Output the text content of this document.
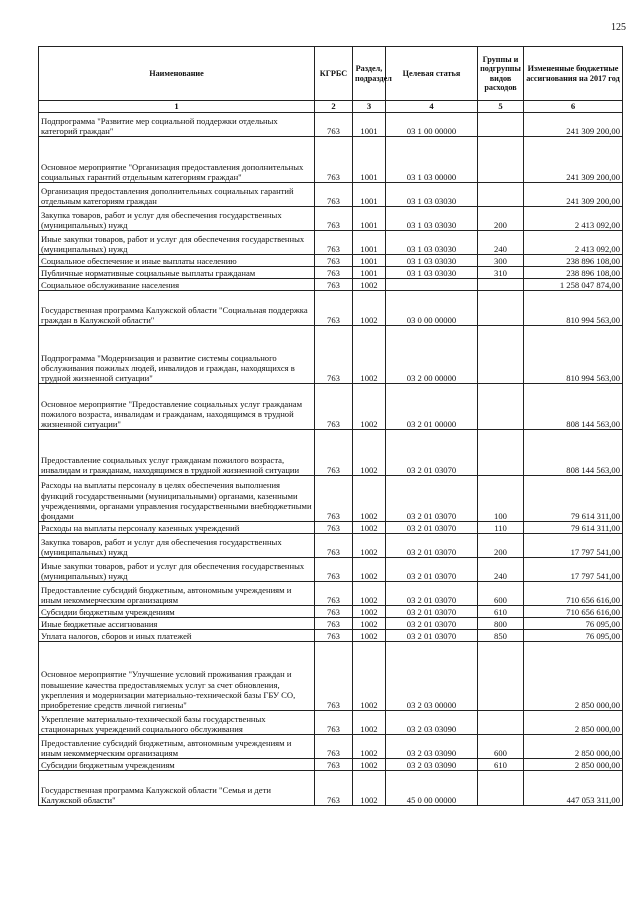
125
Наименование	КГРБС	Раздел, подраздел	Целевая статья	Группы и подгруппы видов расходов	Измененные бюджетные ассигнования на 2017 год
1	2	3	4	5	6
Подпрограмма "Развитие мер социальной поддержки отдельных категорий граждан"	763	1001	03 1 00 00000		241 309 200,00
Основное мероприятие "Организация предоставления дополнительных социальных гарантий отдельным категориям граждан"	763	1001	03 1 03 00000		241 309 200,00
Организация предоставления дополнительных социальных гарантий отдельным категориям граждан	763	1001	03 1 03 03030		241 309 200,00
Закупка товаров, работ и услуг для обеспечения государственных (муниципальных) нужд	763	1001	03 1 03 03030	200	2 413 092,00
Иные закупки товаров, работ и услуг для обеспечения государственных (муниципальных) нужд	763	1001	03 1 03 03030	240	2 413 092,00
Социальное обеспечение и иные выплаты населению	763	1001	03 1 03 03030	300	238 896 108,00
Публичные нормативные социальные выплаты гражданам	763	1001	03 1 03 03030	310	238 896 108,00
Социальное обслуживание населения	763	1002			1 258 047 874,00
Государственная программа Калужской области "Социальная поддержка граждан в Калужской области"	763	1002	03 0 00 00000		810 994 563,00
Подпрограмма "Модернизация и развитие системы социального обслуживания пожилых людей, инвалидов и граждан, находящихся в трудной жизненной ситуации"	763	1002	03 2 00 00000		810 994 563,00
Основное мероприятие "Предоставление социальных услуг гражданам пожилого возраста, инвалидам и гражданам, находящимся в трудной жизненной ситуации"	763	1002	03 2 01 00000		808 144 563,00
Предоставление социальных услуг гражданам пожилого возраста, инвалидам и гражданам, находящимся в трудной жизненной ситуации	763	1002	03 2 01 03070		808 144 563,00
Расходы на выплаты персоналу в целях обеспечения выполнения функций государственными (муниципальными) органами, казенными учреждениями, органами управления государственными внебюджетными фондами	763	1002	03 2 01 03070	100	79 614 311,00
Расходы на выплаты персоналу казенных учреждений	763	1002	03 2 01 03070	110	79 614 311,00
Закупка товаров, работ и услуг для обеспечения государственных (муниципальных) нужд	763	1002	03 2 01 03070	200	17 797 541,00
Иные закупки товаров, работ и услуг для обеспечения государственных (муниципальных) нужд	763	1002	03 2 01 03070	240	17 797 541,00
Предоставление субсидий бюджетным, автономным учреждениям и иным некоммерческим организациям	763	1002	03 2 01 03070	600	710 656 616,00
Субсидии бюджетным учреждениям	763	1002	03 2 01 03070	610	710 656 616,00
Иные бюджетные ассигнования	763	1002	03 2 01 03070	800	76 095,00
Уплата налогов, сборов и иных платежей	763	1002	03 2 01 03070	850	76 095,00
Основное мероприятие "Улучшение условий проживания граждан и повышение качества предоставляемых услуг за счет обновления, укрепления и модернизации материально-технической базы ГБУ СО, приобретение средств личной гигиены"	763	1002	03 2 03 00000		2 850 000,00
Укрепление материально-технической базы государственных стационарных учреждений социального обслуживания	763	1002	03 2 03 03090		2 850 000,00
Предоставление субсидий бюджетным, автономным учреждениям и иным некоммерческим организациям	763	1002	03 2 03 03090	600	2 850 000,00
Субсидии бюджетным учреждениям	763	1002	03 2 03 03090	610	2 850 000,00
Государственная программа Калужской области "Семья и дети Калужской области"	763	1002	45 0 00 00000		447 053 311,00
